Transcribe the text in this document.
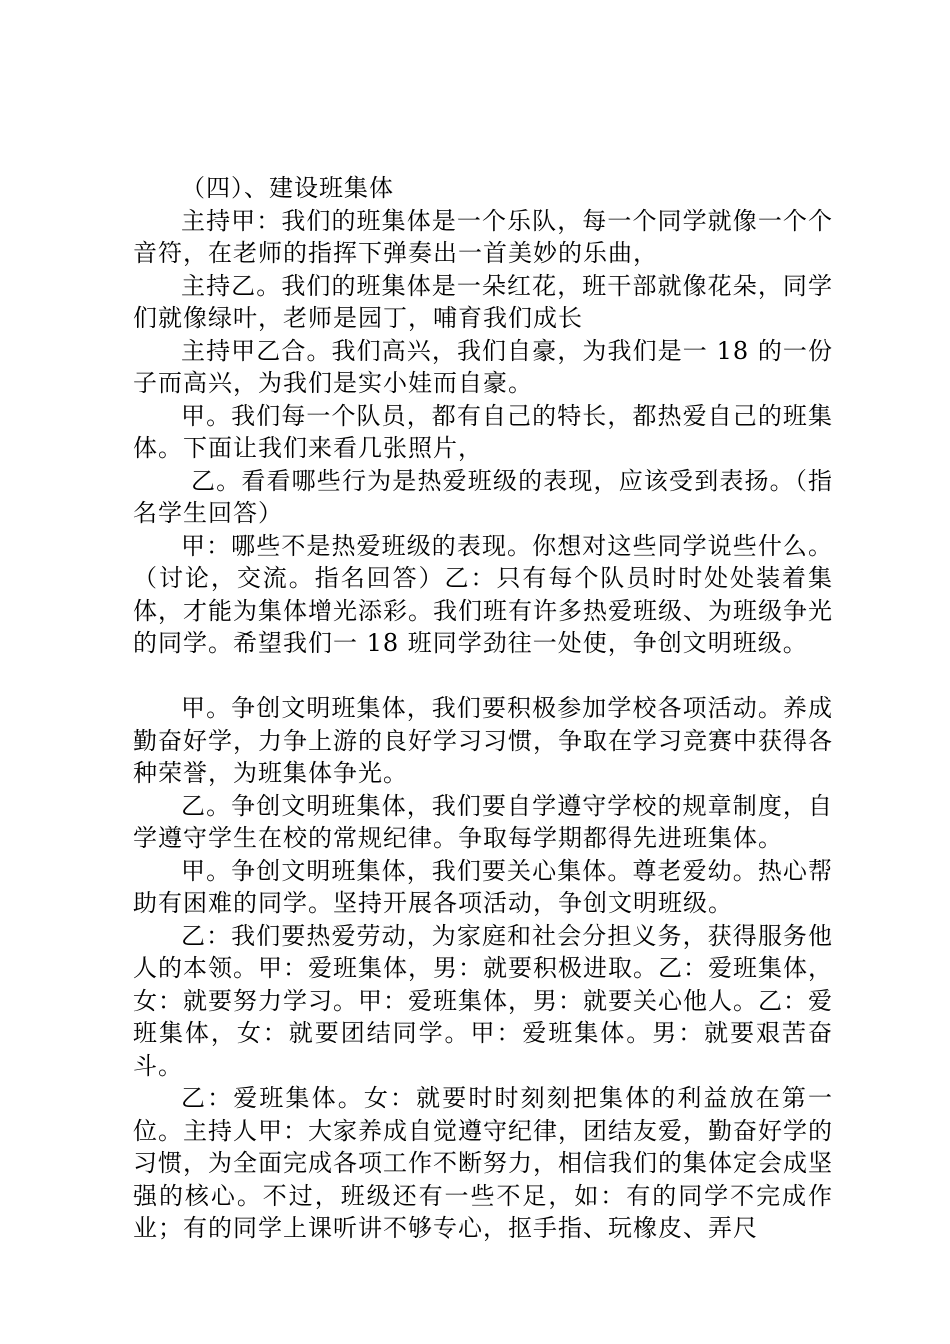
（四）、建设班集体

主持甲：我们的班集体是一个乐队，每一个同学就像一个个音符，在老师的指挥下弹奏出一首美妙的乐曲，

主持乙。我们的班集体是一朵红花，班干部就像花朵，同学们就像绿叶，老师是园丁，哺育我们成长

主持甲乙合。我们高兴，我们自豪，为我们是一 18 的一份子而高兴，为我们是实小娃而自豪。

甲。我们每一个队员，都有自己的特长，都热爱自己的班集体。下面让我们来看几张照片，

乙。看看哪些行为是热爱班级的表现，应该受到表扬。（指名学生回答）

甲：哪些不是热爱班级的表现。你想对这些同学说些什么。（讨论，交流。指名回答）乙：只有每个队员时时处处装着集体，才能为集体增光添彩。我们班有许多热爱班级、为班级争光的同学。希望我们一 18 班同学劲往一处使，争创文明班级。

甲。争创文明班集体，我们要积极参加学校各项活动。养成勤奋好学，力争上游的良好学习习惯，争取在学习竞赛中获得各种荣誉，为班集体争光。

乙。争创文明班集体，我们要自学遵守学校的规章制度，自学遵守学生在校的常规纪律。争取每学期都得先进班集体。

甲。争创文明班集体，我们要关心集体。尊老爱幼。热心帮助有困难的同学。坚持开展各项活动，争创文明班级。

乙：我们要热爱劳动，为家庭和社会分担义务，获得服务他人的本领。甲：爱班集体，男：就要积极进取。乙：爱班集体，女：就要努力学习。甲：爱班集体，男：就要关心他人。乙：爱班集体，女：就要团结同学。甲：爱班集体。男：就要艰苦奋斗。

乙：爱班集体。女：就要时时刻刻把集体的利益放在第一位。主持人甲：大家养成自觉遵守纪律，团结友爱，勤奋好学的习惯，为全面完成各项工作不断努力，相信我们的集体定会成坚强的核心。不过，班级还有一些不足，如：有的同学不完成作业；有的同学上课听讲不够专心，抠手指、玩橡皮、弄尺
